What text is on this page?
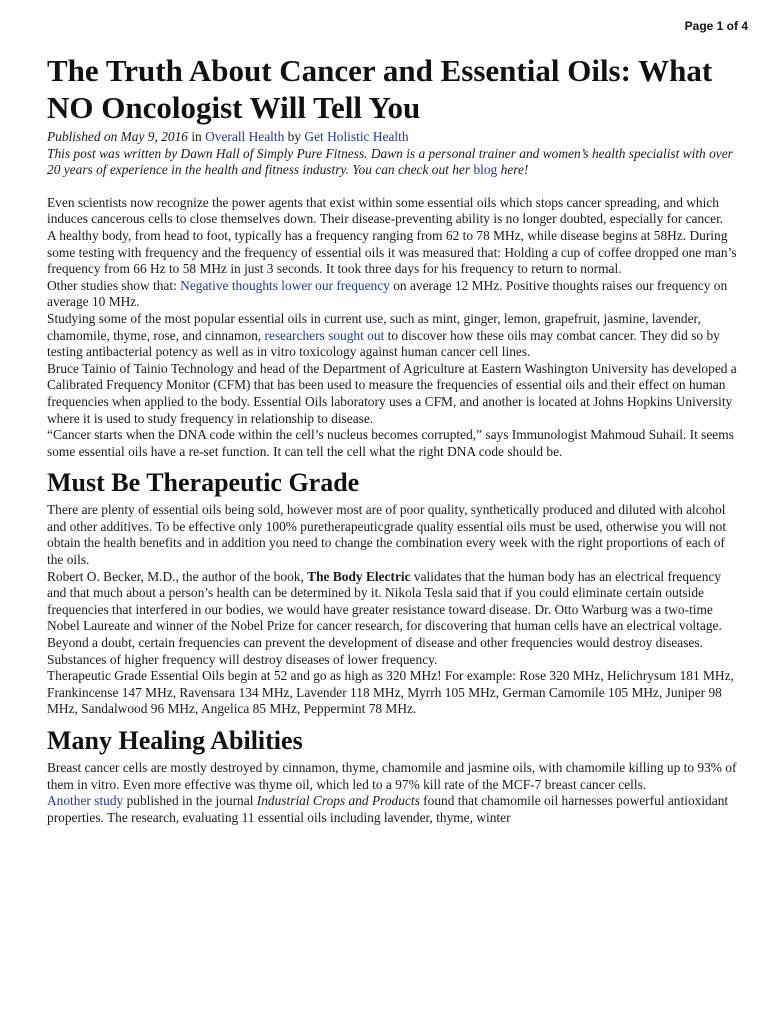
Page 1 of 4
The Truth About Cancer and Essential Oils: What NO Oncologist Will Tell You
Published on May 9, 2016 in Overall Health by Get Holistic Health
This post was written by Dawn Hall of Simply Pure Fitness. Dawn is a personal trainer and women’s health specialist with over 20 years of experience in the health and fitness industry. You can check out her blog here!

Even scientists now recognize the power agents that exist within some essential oils which stops cancer spreading, and which induces cancerous cells to close themselves down. Their disease-preventing ability is no longer doubted, especially for cancer.

A healthy body, from head to foot, typically has a frequency ranging from 62 to 78 MHz, while disease begins at 58Hz. During some testing with frequency and the frequency of essential oils it was measured that: Holding a cup of coffee dropped one man’s frequency from 66 Hz to 58 MHz in just 3 seconds. It took three days for his frequency to return to normal.

Other studies show that: Negative thoughts lower our frequency on average 12 MHz. Positive thoughts raises our frequency on average 10 MHz.

Studying some of the most popular essential oils in current use, such as mint, ginger, lemon, grapefruit, jasmine, lavender, chamomile, thyme, rose, and cinnamon, researchers sought out to discover how these oils may combat cancer. They did so by testing antibacterial potency as well as in vitro toxicology against human cancer cell lines.

Bruce Tainio of Tainio Technology and head of the Department of Agriculture at Eastern Washington University has developed a Calibrated Frequency Monitor (CFM) that has been used to measure the frequencies of essential oils and their effect on human frequencies when applied to the body. Essential Oils laboratory uses a CFM, and another is located at Johns Hopkins University where it is used to study frequency in relationship to disease.

“Cancer starts when the DNA code within the cell’s nucleus becomes corrupted,” says Immunologist Mahmoud Suhail. It seems some essential oils have a re-set function. It can tell the cell what the right DNA code should be.

Must Be Therapeutic Grade

There are plenty of essential oils being sold, however most are of poor quality, synthetically produced and diluted with alcohol and other additives. To be effective only 100% puretherapeuticgrade quality essential oils must be used, otherwise you will not obtain the health benefits and in addition you need to change the combination every week with the right proportions of each of the oils.

Robert O. Becker, M.D., the author of the book, The Body Electric validates that the human body has an electrical frequency and that much about a person’s health can be determined by it. Nikola Tesla said that if you could eliminate certain outside frequencies that interfered in our bodies, we would have greater resistance toward disease. Dr. Otto Warburg was a two-time Nobel Laureate and winner of the Nobel Prize for cancer research, for discovering that human cells have an electrical voltage.

Beyond a doubt, certain frequencies can prevent the development of disease and other frequencies would destroy diseases. Substances of higher frequency will destroy diseases of lower frequency.

Therapeutic Grade Essential Oils begin at 52 and go as high as 320 MHz! For example: Rose 320 MHz, Helichrysum 181 MHz, Frankincense 147 MHz, Ravensara 134 MHz, Lavender 118 MHz, Myrrh 105 MHz, German Camomile 105 MHz, Juniper 98 MHz, Sandalwood 96 MHz, Angelica 85 MHz, Peppermint 78 MHz.

Many Healing Abilities

Breast cancer cells are mostly destroyed by cinnamon, thyme, chamomile and jasmine oils, with chamomile killing up to 93% of them in vitro. Even more effective was thyme oil, which led to a 97% kill rate of the MCF-7 breast cancer cells.

Another study published in the journal Industrial Crops and Products found that chamomile oil harnesses powerful antioxidant properties. The research, evaluating 11 essential oils including lavender, thyme, winter
